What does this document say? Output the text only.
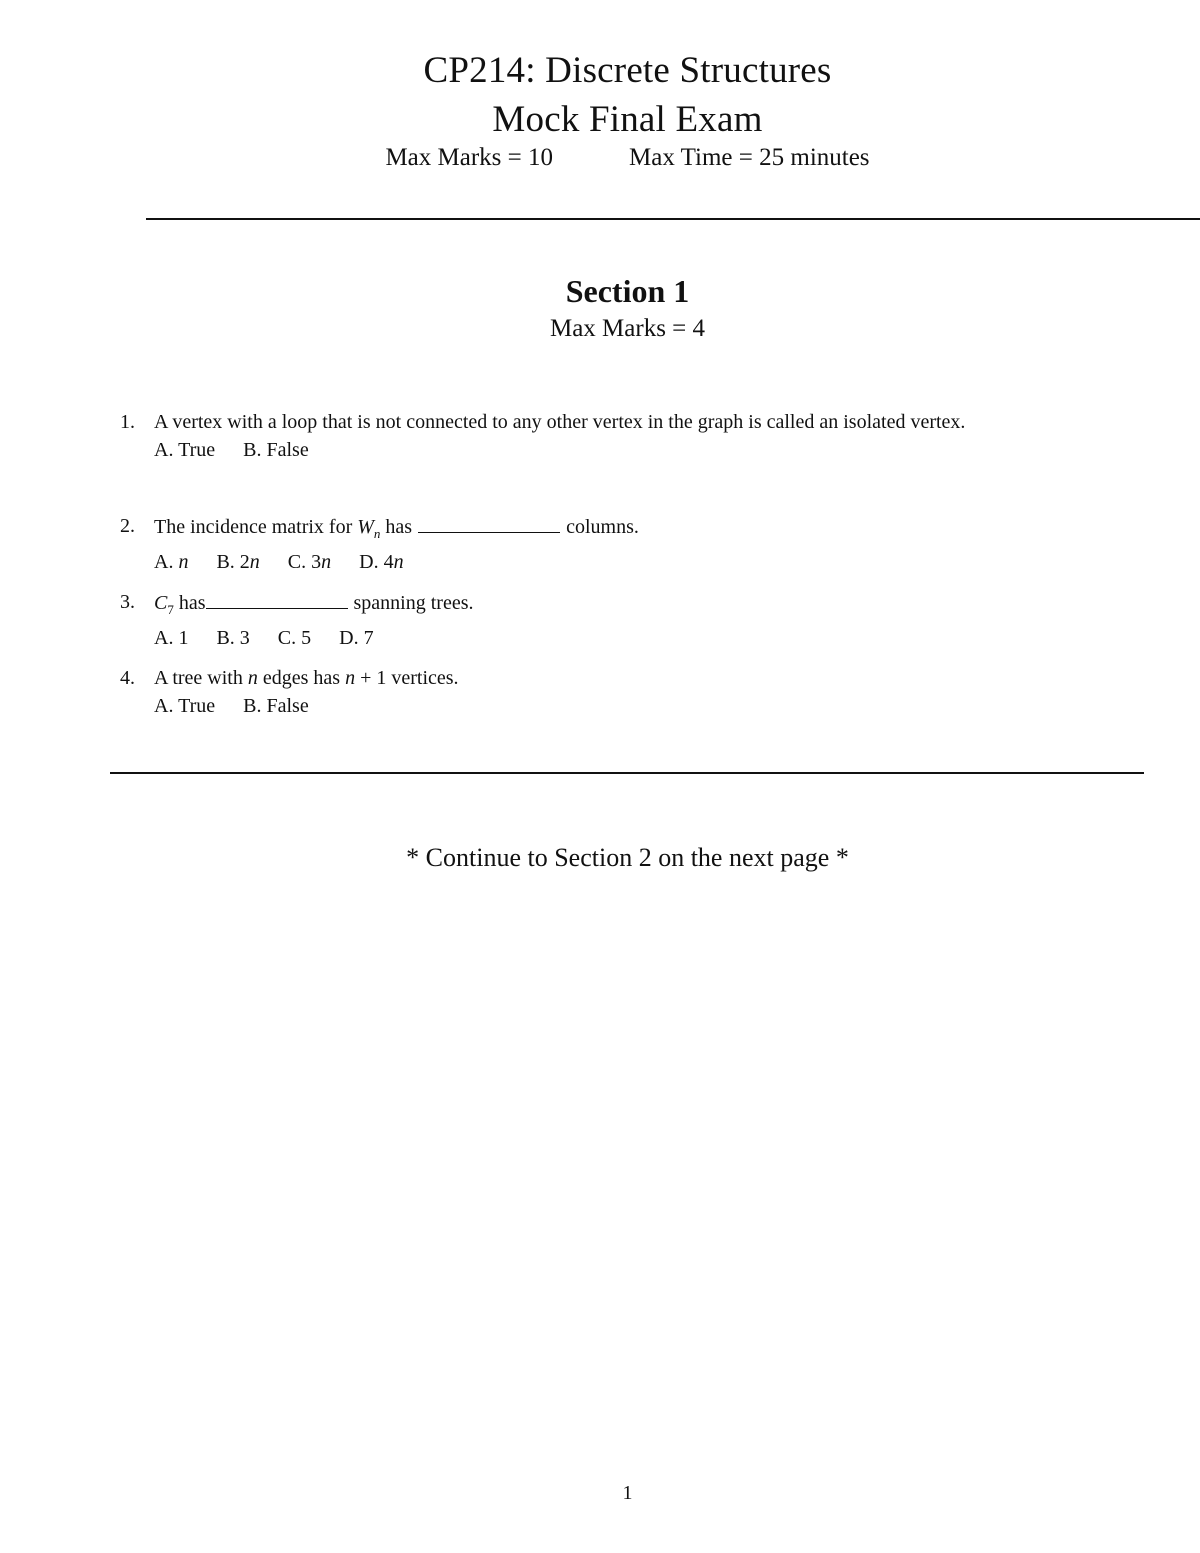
CP214: Discrete Structures
Mock Final Exam
Max Marks = 10	Max Time = 25 minutes
Section 1
Max Marks = 4
1. A vertex with a loop that is not connected to any other vertex in the graph is called an isolated vertex.
A. True B. False
2. The incidence matrix for $W_n$ has	columns.
A. n B. 2n C. 3n D. 4n
3. $C_7$ has	spanning trees.
A. 1 B. 3 C. 5 D. 7
4. A tree with n edges has n + 1 vertices.
A. True B. False
* Continue to Section 2 on the next page *
1
